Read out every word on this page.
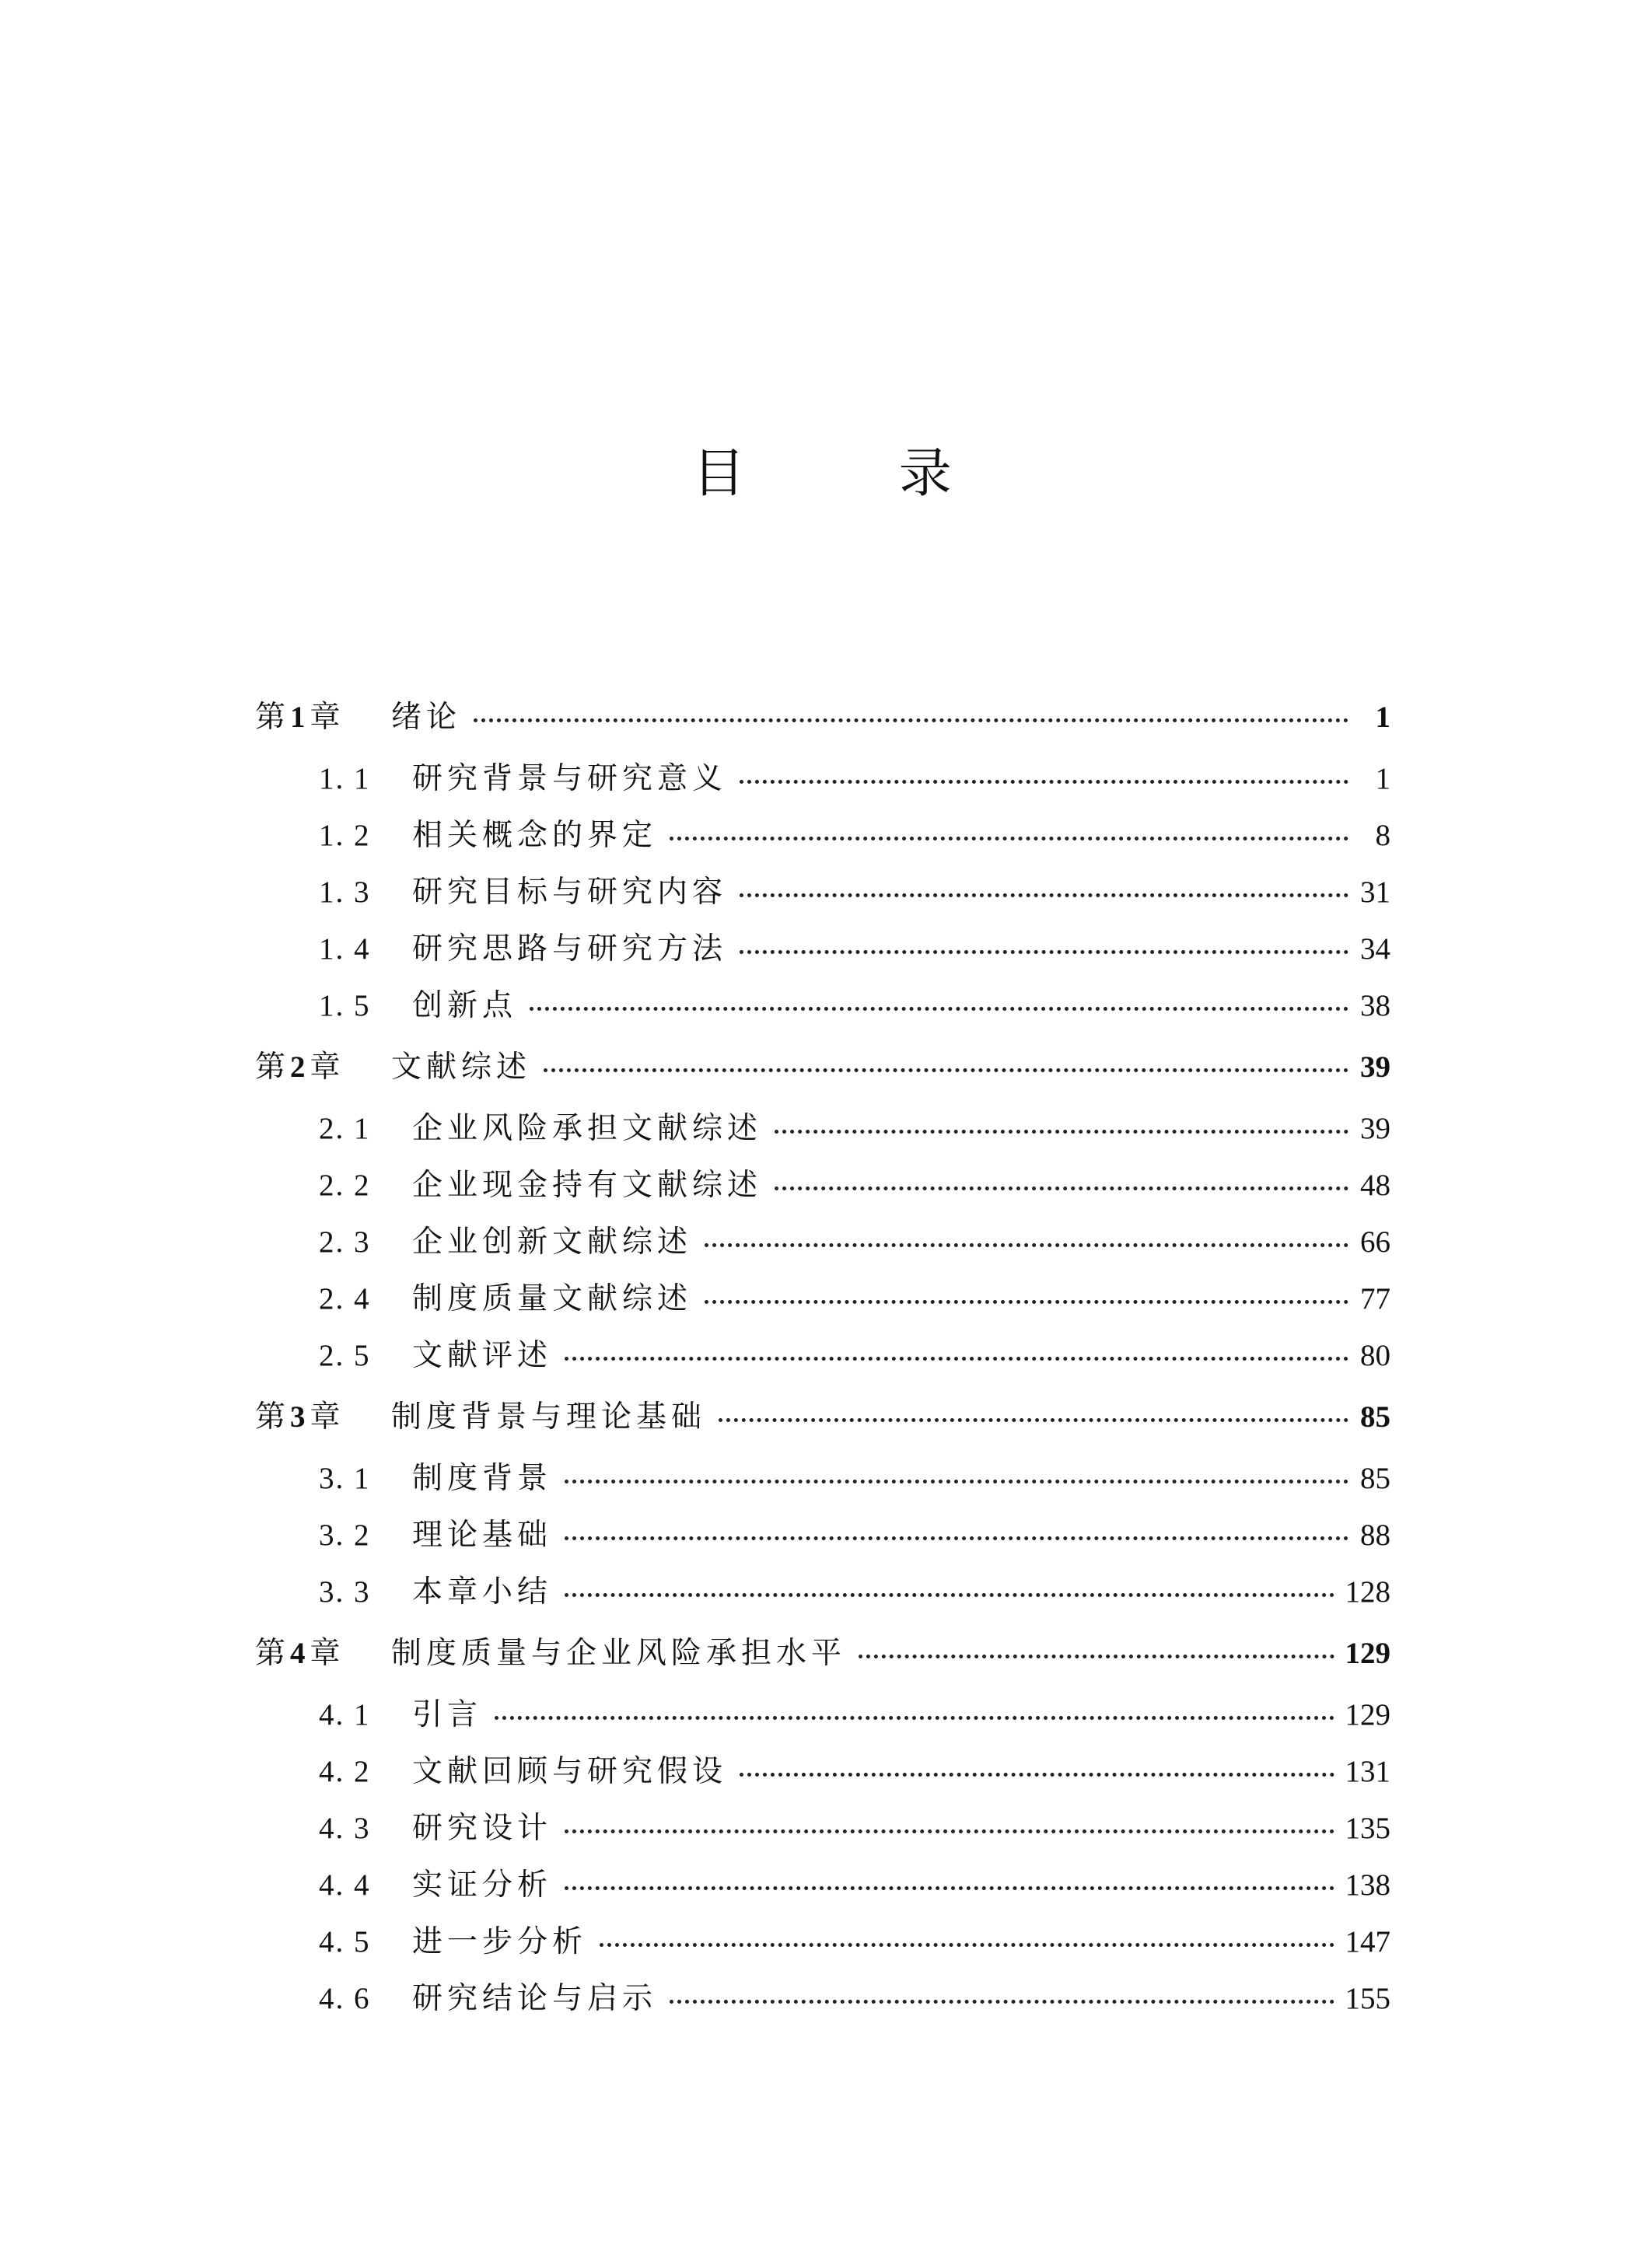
目 录
第 1 章	绪论	1
1. 1	研究背景与研究意义	1
1. 2	相关概念的界定	8
1. 3	研究目标与研究内容	31
1. 4	研究思路与研究方法	34
1. 5	创新点	38
第 2 章	文献综述	39
2. 1	企业风险承担文献综述	39
2. 2	企业现金持有文献综述	48
2. 3	企业创新文献综述	66
2. 4	制度质量文献综述	77
2. 5	文献评述	80
第 3 章	制度背景与理论基础	85
3. 1	制度背景	85
3. 2	理论基础	88
3. 3	本章小结	128
第 4 章	制度质量与企业风险承担水平	129
4. 1	引言	129
4. 2	文献回顾与研究假设	131
4. 3	研究设计	135
4. 4	实证分析	138
4. 5	进一步分析	147
4. 6	研究结论与启示	155
